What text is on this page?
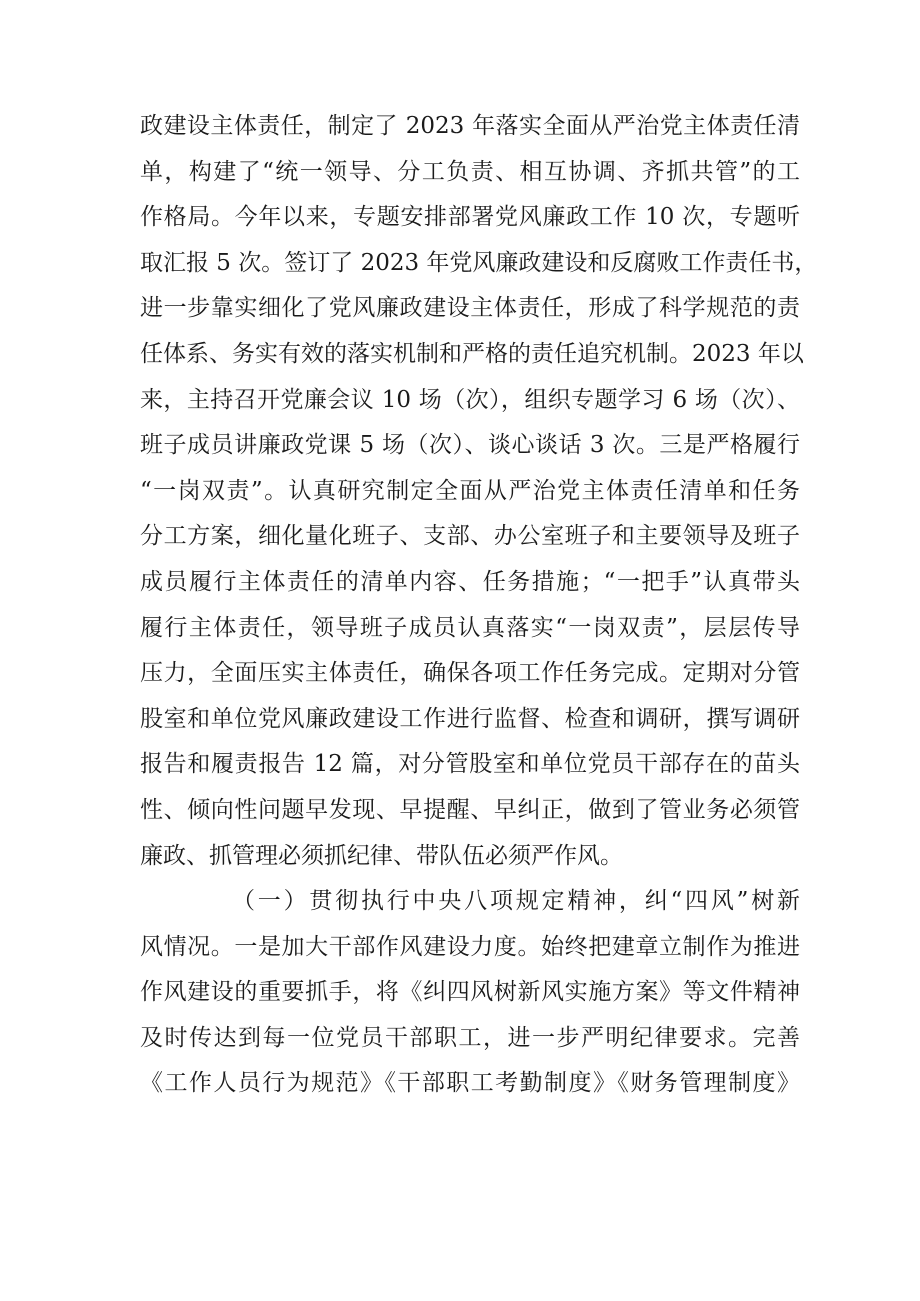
政建设主体责任，制定了 2023 年落实全面从严治党主体责任清
单，构建了“统一领导、分工负责、相互协调、齐抓共管”的工
作格局。今年以来，专题安排部署党风廉政工作 10 次，专题听
取汇报 5 次。签订了 2023 年党风廉政建设和反腐败工作责任书，
进一步靠实细化了党风廉政建设主体责任，形成了科学规范的责
任体系、务实有效的落实机制和严格的责任追究机制。2023 年以
来，主持召开党廉会议 10 场（次），组织专题学习 6 场（次）、
班子成员讲廉政党课 5 场（次）、谈心谈话 3 次。三是严格履行
“一岗双责”。认真研究制定全面从严治党主体责任清单和任务
分工方案，细化量化班子、支部、办公室班子和主要领导及班子
成员履行主体责任的清单内容、任务措施；“一把手”认真带头
履行主体责任，领导班子成员认真落实“一岗双责”，层层传导
压力，全面压实主体责任，确保各项工作任务完成。定期对分管
股室和单位党风廉政建设工作进行监督、检查和调研，撰写调研
报告和履责报告 12 篇，对分管股室和单位党员干部存在的苗头
性、倾向性问题早发现、早提醒、早纠正，做到了管业务必须管
廉政、抓管理必须抓纪律、带队伍必须严作风。
（一）贯彻执行中央八项规定精神，纠“四风”树新
风情况。一是加大干部作风建设力度。始终把建章立制作为推进
作风建设的重要抓手，将《纠四风树新风实施方案》等文件精神
及时传达到每一位党员干部职工，进一步严明纪律要求。完善
《工作人员行为规范》《干部职工考勤制度》《财务管理制度》
